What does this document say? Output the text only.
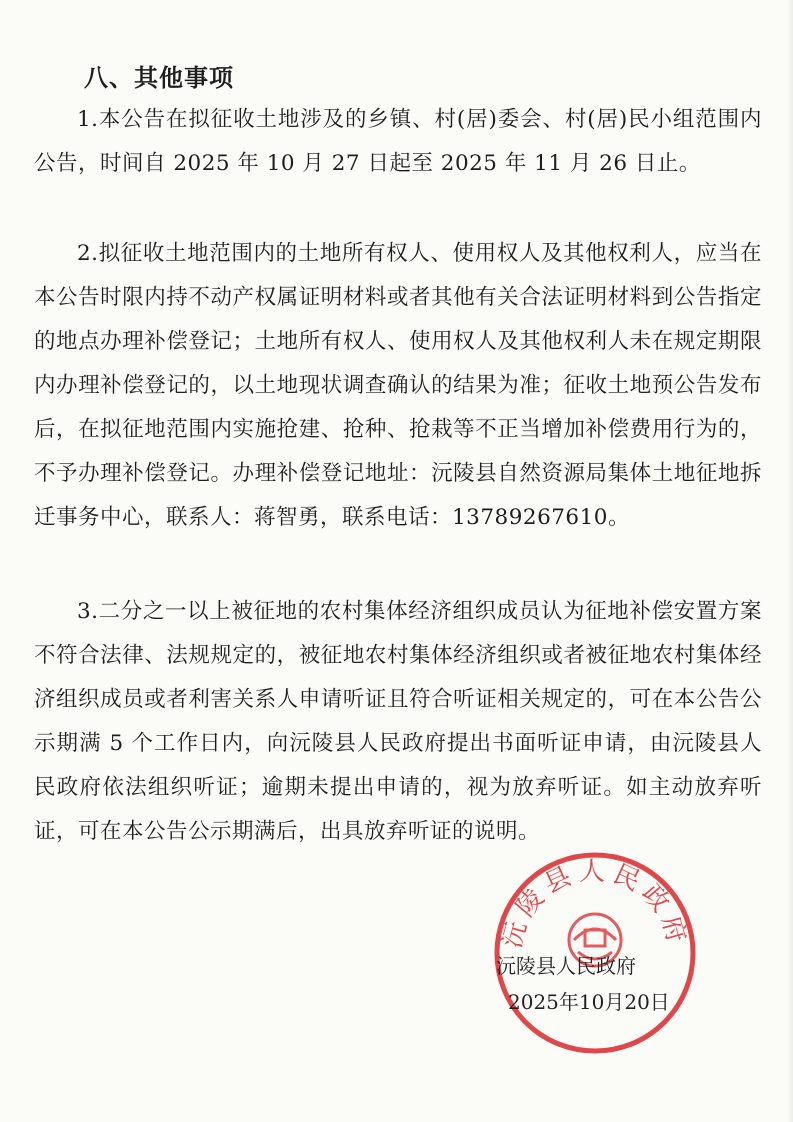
八、其他事项
1.本公告在拟征收土地涉及的乡镇、村(居)委会、村(居)民小组范围内公告，时间自 2025 年 10 月 27 日起至 2025 年 11 月 26 日止。
2.拟征收土地范围内的土地所有权人、使用权人及其他权利人，应当在本公告时限内持不动产权属证明材料或者其他有关合法证明材料到公告指定的地点办理补偿登记；土地所有权人、使用权人及其他权利人未在规定期限内办理补偿登记的，以土地现状调查确认的结果为准；征收土地预公告发布后，在拟征地范围内实施抢建、抢种、抢栽等不正当增加补偿费用行为的，不予办理补偿登记。办理补偿登记地址：沅陵县自然资源局集体土地征地拆迁事务中心，联系人：蒋智勇，联系电话：13789267610。
3.二分之一以上被征地的农村集体经济组织成员认为征地补偿安置方案不符合法律、法规规定的，被征地农村集体经济组织或者被征地农村集体经济组织成员或者利害关系人申请听证且符合听证相关规定的，可在本公告公示期满 5 个工作日内，向沅陵县人民政府提出书面听证申请，由沅陵县人民政府依法组织听证；逾期未提出申请的，视为放弃听证。如主动放弃听证，可在本公告公示期满后，出具放弃听证的说明。
沅陵县人民政府
沅陵县人民政府
2025年10月20日
